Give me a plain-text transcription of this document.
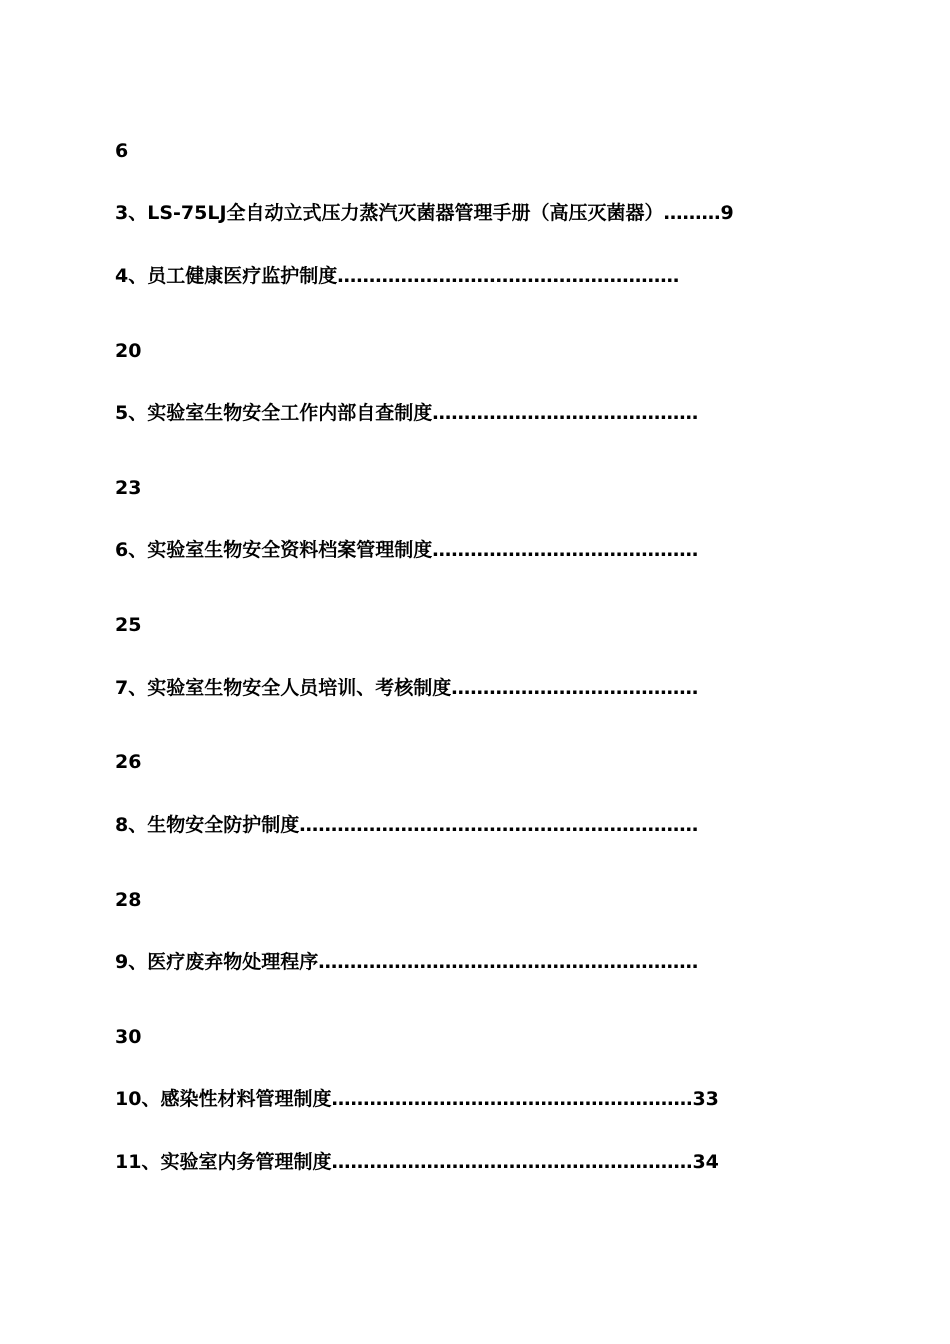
6
3、LS-75LJ全自动立式压力蒸汽灭菌器管理手册（高压灭菌器）………9
4、员工健康医疗监护制度………………………………………………
20
5、实验室生物安全工作内部自查制度……………………………………
23
6、实验室生物安全资料档案管理制度……………………………………
25
7、实验室生物安全人员培训、考核制度…………………………………
26
8、生物安全防护制度………………………………………………………
28
9、医疗废弃物处理程序……………………………………………………
30
10、感染性材料管理制度…………………………………………………33
11、实验室内务管理制度…………………………………………………34
